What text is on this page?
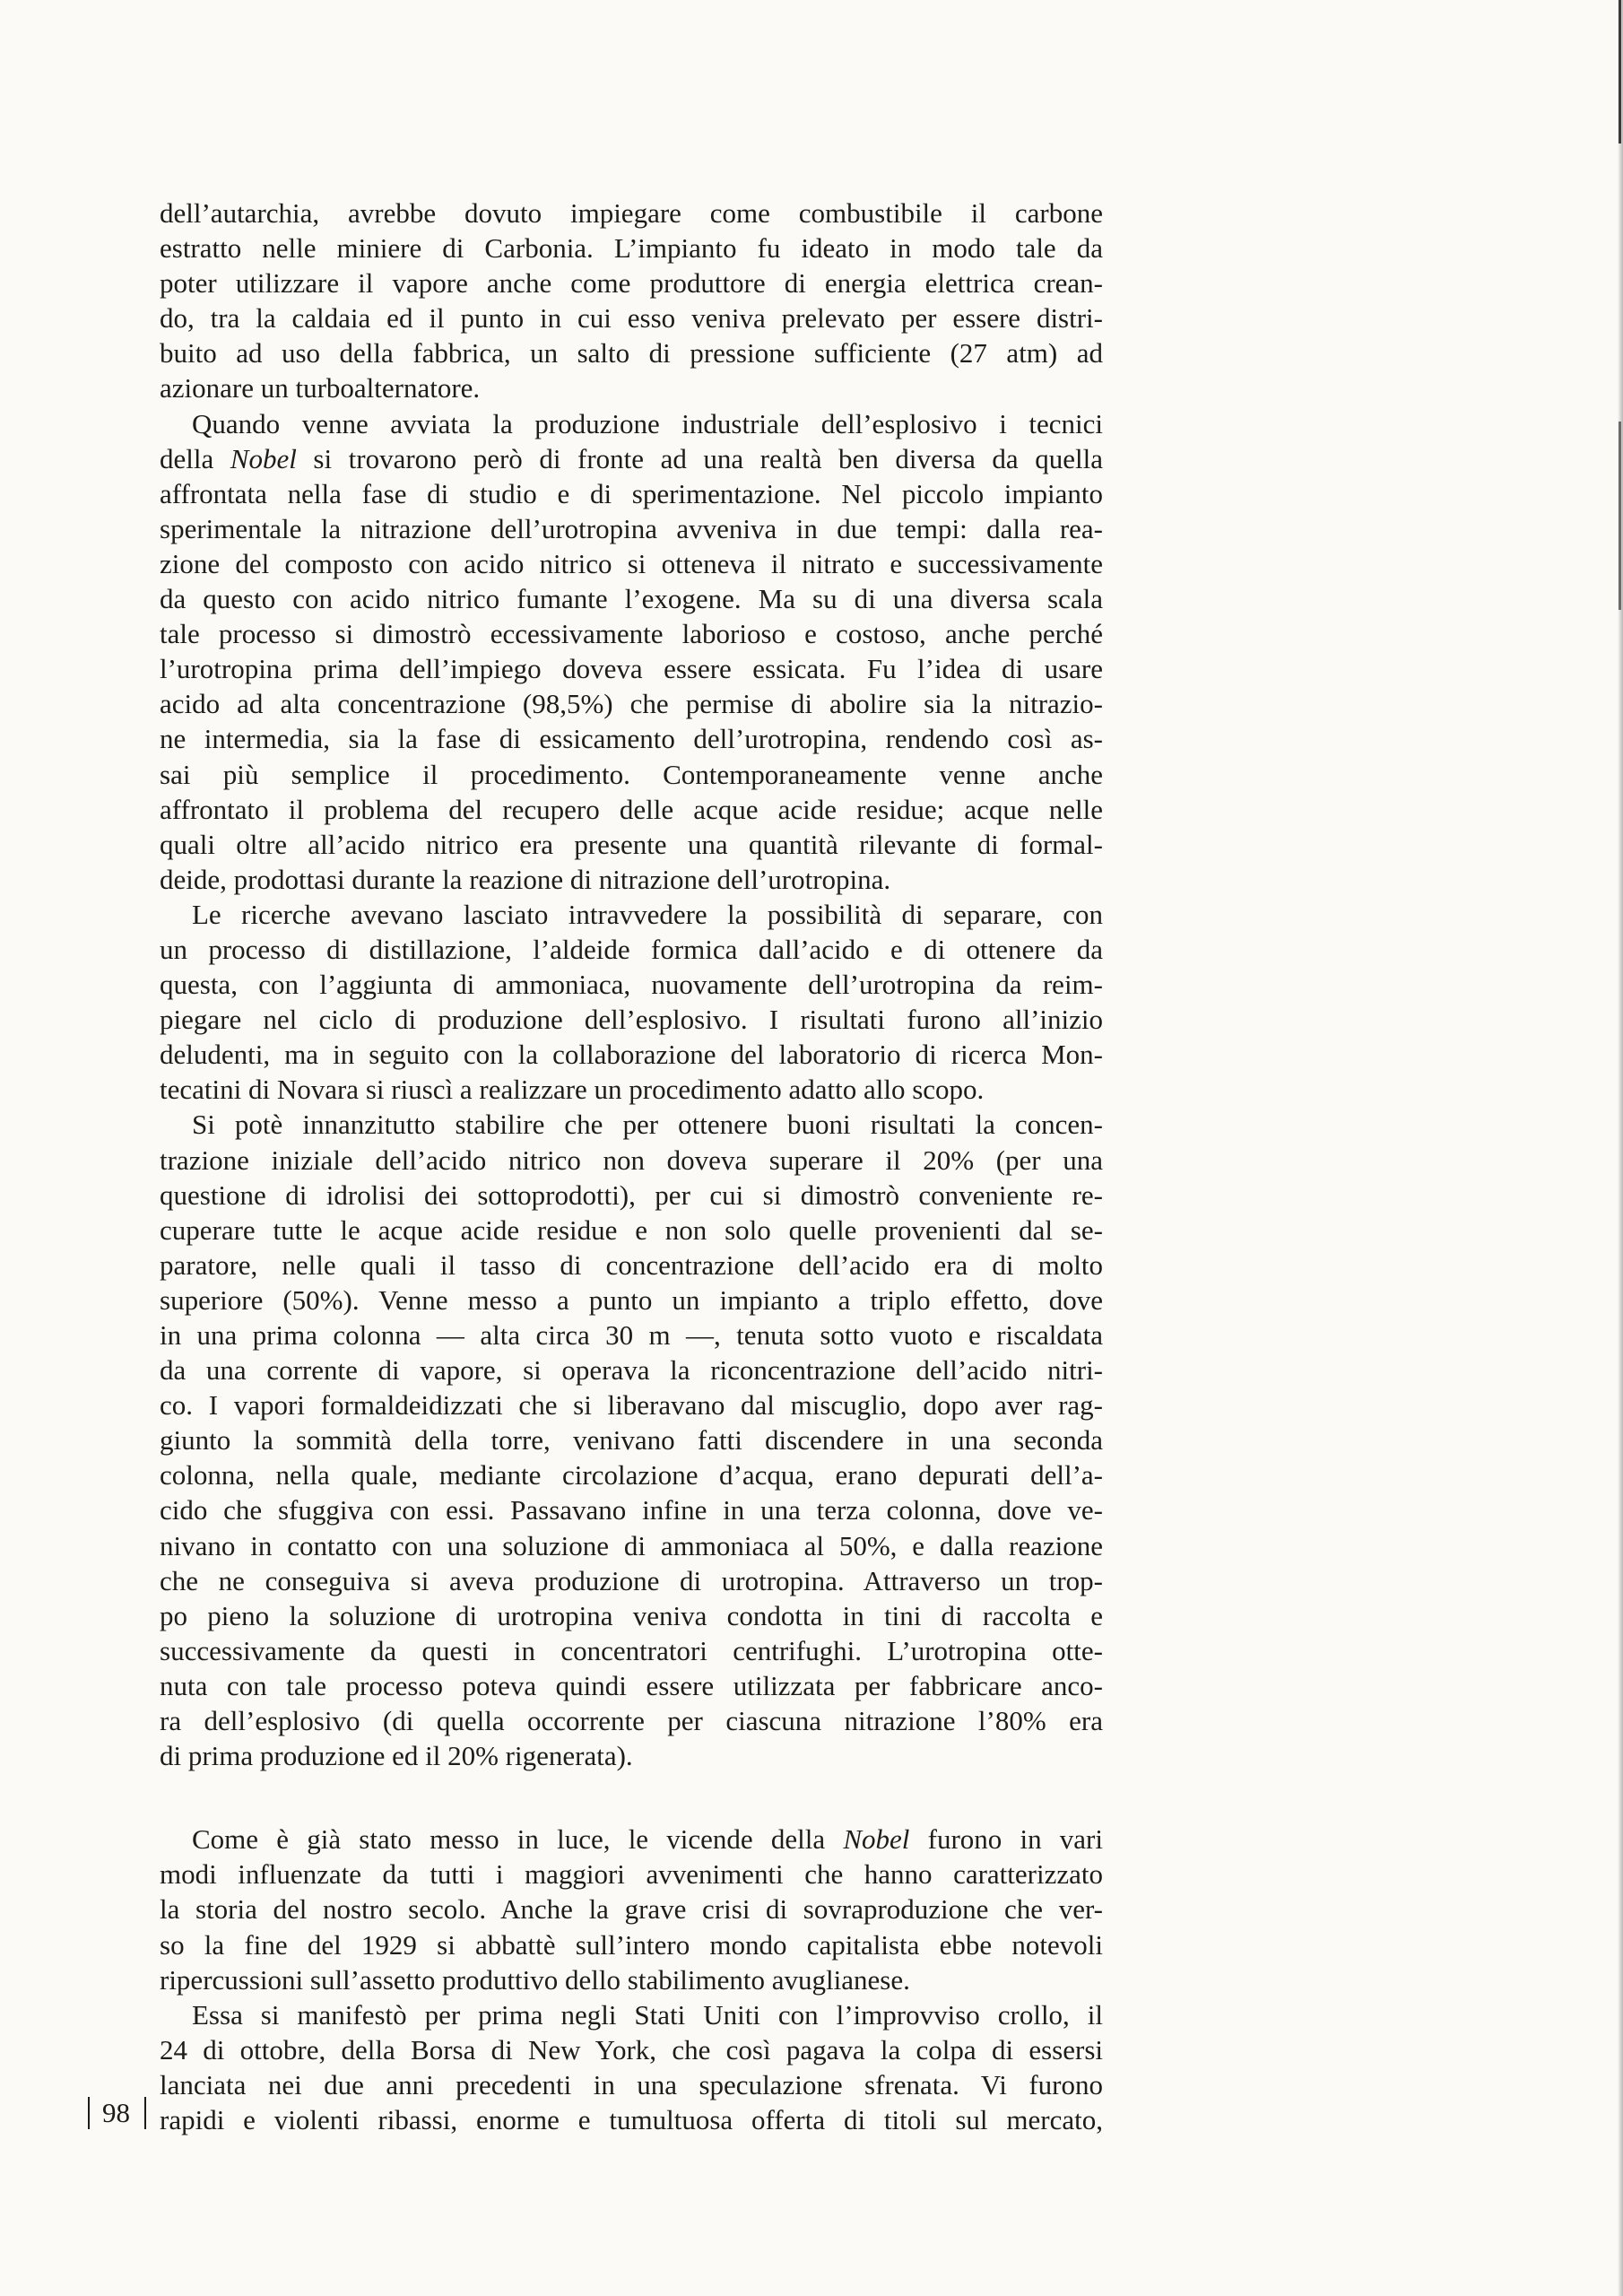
dell’autarchia, avrebbe dovuto impiegare come combustibile il carbone
estratto nelle miniere di Carbonia. L’impianto fu ideato in modo tale da
poter utilizzare il vapore anche come produttore di energia elettrica crean-
do, tra la caldaia ed il punto in cui esso veniva prelevato per essere distri-
buito ad uso della fabbrica, un salto di pressione sufficiente (27 atm) ad
azionare un turboalternatore.
Quando venne avviata la produzione industriale dell’esplosivo i tecnici
della Nobel si trovarono però di fronte ad una realtà ben diversa da quella
affrontata nella fase di studio e di sperimentazione. Nel piccolo impianto
sperimentale la nitrazione dell’urotropina avveniva in due tempi: dalla rea-
zione del composto con acido nitrico si otteneva il nitrato e successivamente
da questo con acido nitrico fumante l’exogene. Ma su di una diversa scala
tale processo si dimostrò eccessivamente laborioso e costoso, anche perché
l’urotropina prima dell’impiego doveva essere essicata. Fu l’idea di usare
acido ad alta concentrazione (98,5%) che permise di abolire sia la nitrazio-
ne intermedia, sia la fase di essicamento dell’urotropina, rendendo così as-
sai più semplice il procedimento. Contemporaneamente venne anche
affrontato il problema del recupero delle acque acide residue; acque nelle
quali oltre all’acido nitrico era presente una quantità rilevante di formal-
deide, prodottasi durante la reazione di nitrazione dell’urotropina.
Le ricerche avevano lasciato intravvedere la possibilità di separare, con
un processo di distillazione, l’aldeide formica dall’acido e di ottenere da
questa, con l’aggiunta di ammoniaca, nuovamente dell’urotropina da reim-
piegare nel ciclo di produzione dell’esplosivo. I risultati furono all’inizio
deludenti, ma in seguito con la collaborazione del laboratorio di ricerca Mon-
tecatini di Novara si riuscì a realizzare un procedimento adatto allo scopo.
Si potè innanzitutto stabilire che per ottenere buoni risultati la concen-
trazione iniziale dell’acido nitrico non doveva superare il 20% (per una
questione di idrolisi dei sottoprodotti), per cui si dimostrò conveniente re-
cuperare tutte le acque acide residue e non solo quelle provenienti dal se-
paratore, nelle quali il tasso di concentrazione dell’acido era di molto
superiore (50%). Venne messo a punto un impianto a triplo effetto, dove
in una prima colonna — alta circa 30 m —, tenuta sotto vuoto e riscaldata
da una corrente di vapore, si operava la riconcentrazione dell’acido nitri-
co. I vapori formaldeidizzati che si liberavano dal miscuglio, dopo aver rag-
giunto la sommità della torre, venivano fatti discendere in una seconda
colonna, nella quale, mediante circolazione d’acqua, erano depurati dell’a-
cido che sfuggiva con essi. Passavano infine in una terza colonna, dove ve-
nivano in contatto con una soluzione di ammoniaca al 50%, e dalla reazione
che ne conseguiva si aveva produzione di urotropina. Attraverso un trop-
po pieno la soluzione di urotropina veniva condotta in tini di raccolta e
successivamente da questi in concentratori centrifughi. L’urotropina otte-
nuta con tale processo poteva quindi essere utilizzata per fabbricare anco-
ra dell’esplosivo (di quella occorrente per ciascuna nitrazione l’80% era
di prima produzione ed il 20% rigenerata).
Come è già stato messo in luce, le vicende della Nobel furono in vari
modi influenzate da tutti i maggiori avvenimenti che hanno caratterizzato
la storia del nostro secolo. Anche la grave crisi di sovraproduzione che ver-
so la fine del 1929 si abbattè sull’intero mondo capitalista ebbe notevoli
ripercussioni sull’assetto produttivo dello stabilimento avuglianese.
Essa si manifestò per prima negli Stati Uniti con l’improvviso crollo, il
24 di ottobre, della Borsa di New York, che così pagava la colpa di essersi
lanciata nei due anni precedenti in una speculazione sfrenata. Vi furono
rapidi e violenti ribassi, enorme e tumultuosa offerta di titoli sul mercato,
98
